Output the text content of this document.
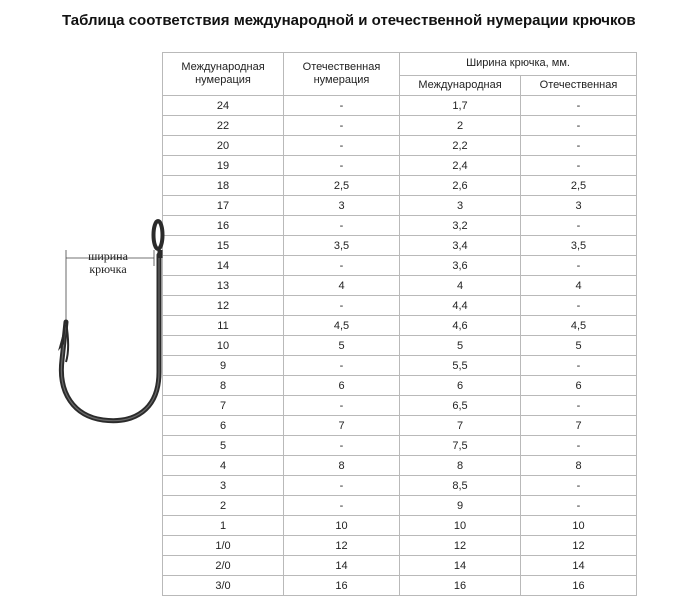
Таблица соответствия международной и отечественной нумерации крючков
Международная нумерация	Отечественная нумерация	Ширина крючка, мм.	
		Международная	Отечественная
24	-	1,7	-
22	-	2	-
20	-	2,2	-
19	-	2,4	-
18	2,5	2,6	2,5
17	3	3	3
16	-	3,2	-
15	3,5	3,4	3,5
14	-	3,6	-
13	4	4	4
12	-	4,4	-
11	4,5	4,6	4,5
10	5	5	5
9	-	5,5	-
8	6	6	6
7	-	6,5	-
6	7	7	7
5	-	7,5	-
4	8	8	8
3	-	8,5	-
2	-	9	-
1	10	10	10
1/0	12	12	12
2/0	14	14	14
3/0	16	16	16
ширина
крючка
